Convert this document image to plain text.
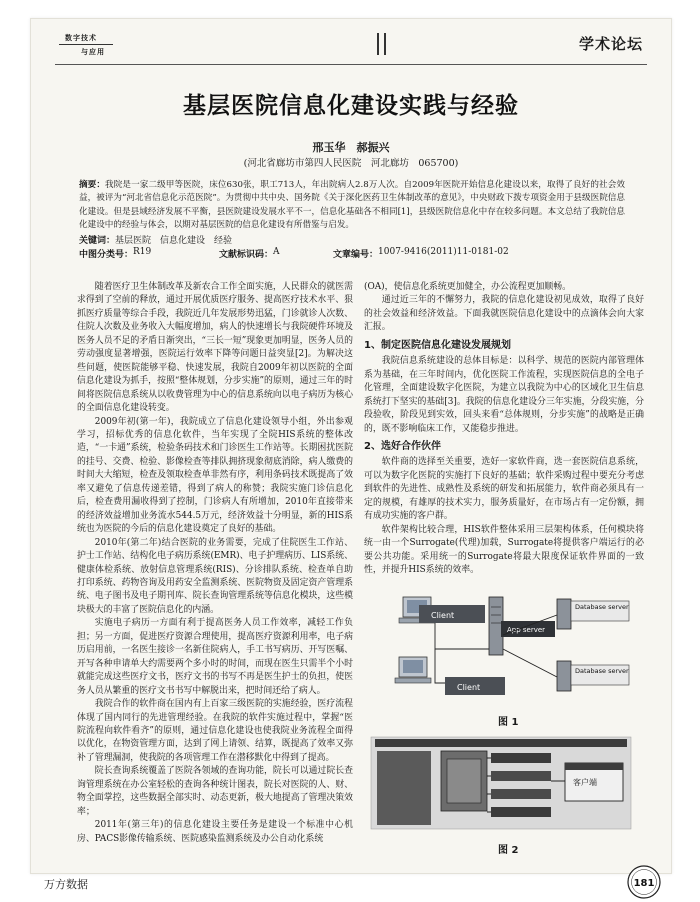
数字技术
与应用	学术论坛
基层医院信息化建设实践与经验
邢玉华　郝振兴
(河北省廊坊市第四人民医院　河北廊坊　065700)
摘要：我院是一家二级甲等医院，床位630张，职工713人，年出院病人2.8万人次。自2009年医院开始信息化建设以来，取得了良好的社会效益，被评为“河北省信息化示范医院”。为贯彻中共中央、国务院《关于深化医药卫生体制改革的意见》，中央财政下拨专项资金用于县级医院信息化建设。但是县域经济发展不平衡，县医院建设发展水平不一，信息化基础各不相同[1]，县级医院信息化中存在较多问题。本文总结了我院信息化建设中的经验与体会，以期对基层医院的信息化建设有所借鉴与启发。
关键词：基层医院　信息化建设　经验
中图分类号： R19	文献标识码： A	文章编号： 1007-9416(2011)11-0181-02

随着医疗卫生体制改革及新农合工作全面实施，人民群众的就医需求得到了空前的释放，通过开展优质医疗服务、提高医疗技术水平、狠抓医疗质量等综合手段，我院近几年发展形势迅猛，门诊就诊人次数、住院人次数及业务收入大幅度增加，病人的快速增长与我院硬件环境及医务人员不足的矛盾日渐突出，“三长一短”现象更加明显，医务人员的劳动强度显著增强，医院运行效率下降等问题日益突显[2]。为解决这些问题，使医院能够平稳、快速发展，我院自2009年初以医院的全面信息化建设为抓手，按照“整体规划，分步实施”的原则，通过三年的时间将医院信息系统从以收费管理为中心的信息系统向以电子病历为核心的全面信息化建设转变。

2009年初(第一年)，我院成立了信息化建设领导小组，外出参观学习，招标优秀的信息化软件，当年实现了全院HIS系统的整体改造，“一卡通”系统，检验条码技术和门诊医生工作站等。长期困扰医院的挂号、交费、检验、影像检查等排队拥挤现象彻底消除，病人缴费的时间大大缩短，检查及领取检查单非然有序，利用条码技术既提高了效率又避免了信息传递差错，得到了病人的称赞；我院实施门诊信息化后，检查费用漏收得到了控制，门诊病人有所增加，2010年直接带来的经济效益增加业务流水544.5万元，经济效益十分明显，新的HIS系统也为医院的今后的信息化建设奠定了良好的基础。

2010年(第二年)结合医院的业务需要，完成了住院医生工作站、护士工作站、结构化电子病历系统(EMR)、电子护理病历、LIS系统、健康体检系统、放射信息管理系统(RIS)、分诊排队系统、检查单自助打印系统、药物咨询及用药安全监测系统、医院物资及固定资产管理系统、电子图书及电子期刊库、院长查询管理系统等信息化模块，这些模块极大的丰富了医院信息化的内涵。

实施电子病历一方面有利于提高医务人员工作效率，减轻工作负担；另一方面，促进医疗资源合理使用，提高医疗资源利用率，电子病历启用前，一名医生接诊一名新住院病人，手工书写病历、开写医嘱、开写各种申请单大约需要两个多小时的时间，而现在医生只需半个小时就能完成这些医疗文书，医疗文书的书写不再是医生护士的负担，使医务人员从繁重的医疗文书书写中解脱出来，把时间还给了病人。

我院合作的软件商在国内有上百家三级医院的实施经验，医疗流程体现了国内同行的先进管理经验。在我院的软件实施过程中，掌握“医院流程向软件看齐”的原则，通过信息化建设也使我院业务流程全面得以优化，在物资管理方面，达到了网上请领、结算，既提高了效率又弥补了管理漏洞，使我院的各项管理工作在潜移默化中得到了提高。

院长查询系统覆盖了医院各领域的查询功能，院长可以通过院长查询管理系统在办公室轻松的查询各种统计图表，院长对医院的人、财、物全面掌控，这些数据全部实时、动态更新，极大地提高了管理决策效率；

2011年(第三年)的信息化建设主要任务是建设一个标准中心机房、PACS影像传输系统、医院感染监测系统及办公自动化系统

(OA)，使信息化系统更加健全，办公流程更加顺畅。

通过近三年的不懈努力，我院的信息化建设初见成效，取得了良好的社会效益和经济效益。下面我就医院信息化建设中的点滴体会向大家汇报。

1、制定医院信息化建设发展规划

我院信息系统建设的总体目标是：以科学、规范的医院内部管理体系为基础，在三年时间内，优化医院工作流程，实现医院信息的全电子化管理，全面建设数字化医院，为建立以我院为中心的区域化卫生信息系统打下坚实的基础[3]。我院的信息化建设分三年实施，分段实施，分段验收，阶段见到实效，回头来看“总体规则，分步实施”的战略是正确的，既不影响临床工作，又能稳步推进。

2、选好合作伙伴

软件商的选择至关重要，选好一家软件商，选一套医院信息系统，可以为数字化医院的实施打下良好的基础；软件采购过程中要充分考虑到软件的先进性、成熟性及系统的研发和拓展能力，软件商必须具有一定的规模，有雄厚的技术实力，服务质量好，在市场占有一定份额，拥有成功实施的客户群。

软件架构比较合理，HIS软件整体采用三层架构体系，任何模块将统一由一个Surrogate(代理)加载，Surrogate将提供客户端运行的必要公共功能。采用统一的Surrogate将最大限度保证软件界面的一致性，并提升HIS系统的效率。

Client
App server
Database server
Database server
Client
图 1
客户端
图 2
181
万方数据
